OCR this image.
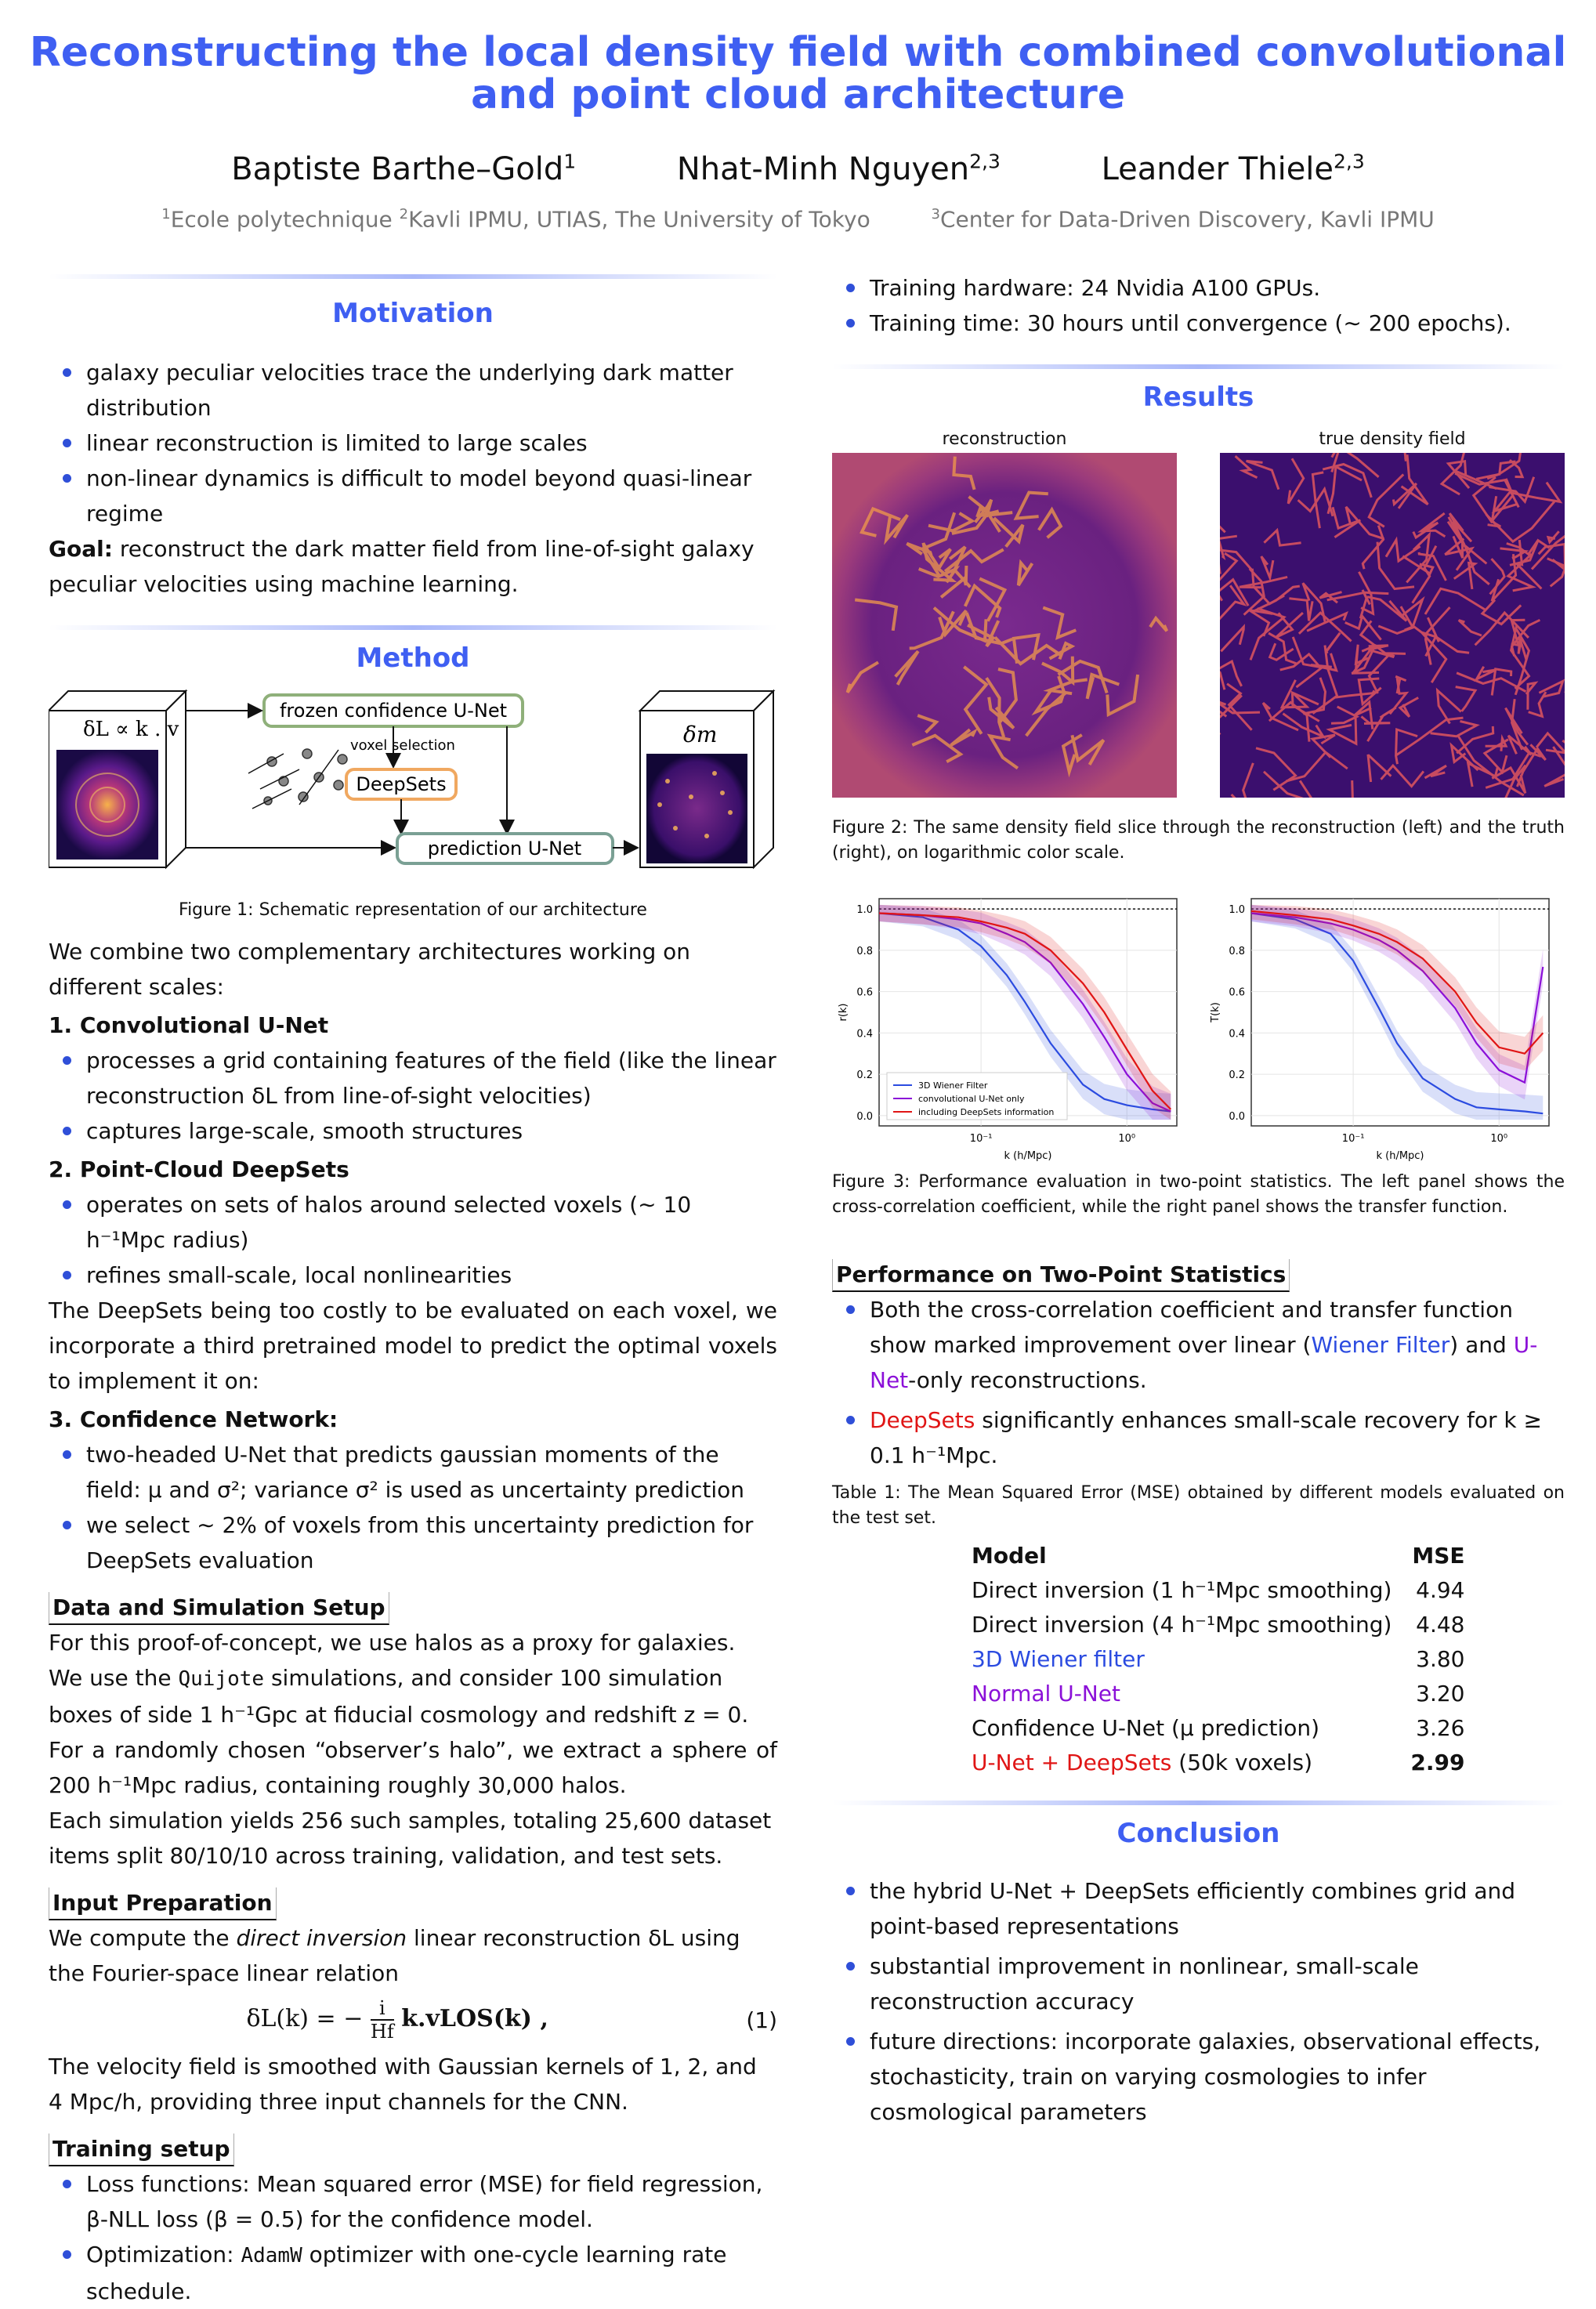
Reconstructing the local density field with combined convolutional
and point cloud architecture
Baptiste Barthe–Gold$^1$	Nhat-Minh Nguyen$^{2,3}$	Leander Thiele$^{2,3}$
$^1$Ecole polytechnique $^2$Kavli IPMU, UTIAS, The University of Tokyo	$^3$Center for Data-Driven Discovery, Kavli IPMU
Motivation
galaxy peculiar velocities trace the underlying dark matter distribution
linear reconstruction is limited to large scales
non-linear dynamics is difficult to model beyond quasi-linear regime

Goal: reconstruct the dark matter field from line-of-sight galaxy peculiar velocities using machine learning.

Method
δL ∝ k . v
frozen confidence U-Net
voxel selection
DeepSets
prediction U-Net
δm
Figure 1: Schematic representation of our architecture

We combine two complementary architectures working on different scales:

1. Convolutional U-Net

processes a grid containing features of the field (like the linear reconstruction δL from line-of-sight velocities)
captures large-scale, smooth structures

2. Point-Cloud DeepSets

operates on sets of halos around selected voxels (∼ 10 h⁻¹Mpc radius)
refines small-scale, local nonlinearities

The DeepSets being too costly to be evaluated on each voxel, we incorporate a third pretrained model to predict the optimal voxels to implement it on:

3. Confidence Network:

two-headed U-Net that predicts gaussian moments of the field: μ and σ²; variance σ² is used as uncertainty prediction
we select ∼ 2% of voxels from this uncertainty prediction for DeepSets evaluation
Data and Simulation Setup

For this proof-of-concept, we use halos as a proxy for galaxies.

We use the Quijote simulations, and consider 100 simulation boxes of side 1 h⁻¹Gpc at fiducial cosmology and redshift z = 0.

For a randomly chosen “observer’s halo”, we extract a sphere of 200 h⁻¹Mpc radius, containing roughly 30,000 halos.

Each simulation yields 256 such samples, totaling 25,600 dataset items split 80/10/10 across training, validation, and test sets.

Input Preparation

We compute the direct inversion linear reconstruction δL using the Fourier-space linear relation

δL(k) = − $\frac{i}{Hf}$ k.vLOS(k) ,	(1)

The velocity field is smoothed with Gaussian kernels of 1, 2, and 4 Mpc/h, providing three input channels for the CNN.

Training setup
Loss functions: Mean squared error (MSE) for field regression, β-NLL loss (β = 0.5) for the confidence model.
Optimization: AdamW optimizer with one-cycle learning rate schedule.
Training hardware: 24 Nvidia A100 GPUs.
Training time: 30 hours until convergence (∼ 200 epochs).
Results
reconstruction	true density field
Figure 2: The same density field slice through the reconstruction (left) and the truth (right), on logarithmic color scale.
0.0
0.2
0.4
0.6
0.8
1.0
10⁻¹	10⁰
k (h/Mpc)
r(k)
3D Wiener Filter
convolutional U-Net only
including DeepSets information	0.0
0.2
0.4
0.6
0.8
1.0
10⁻¹	10⁰
k (h/Mpc)
T(k)
Figure 3: Performance evaluation in two-point statistics. The left panel shows the cross-correlation coefficient, while the right panel shows the transfer function.
Performance on Two-Point Statistics
Both the cross-correlation coefficient and transfer function show marked improvement over linear (Wiener Filter) and U-Net-only reconstructions.
DeepSets significantly enhances small-scale recovery for k ≥ 0.1 h⁻¹Mpc.
Table 1: The Mean Squared Error (MSE) obtained by different models evaluated on the test set.
Model	MSE
Direct inversion (1 h⁻¹Mpc smoothing)	4.94
Direct inversion (4 h⁻¹Mpc smoothing)	4.48
3D Wiener filter	3.80
Normal U-Net	3.20
Confidence U-Net (μ prediction)	3.26
U-Net + DeepSets (50k voxels)	2.99
Conclusion
the hybrid U-Net + DeepSets efficiently combines grid and point-based representations
substantial improvement in nonlinear, small-scale reconstruction accuracy
future directions: incorporate galaxies, observational effects, stochasticity, train on varying cosmologies to infer cosmological parameters
